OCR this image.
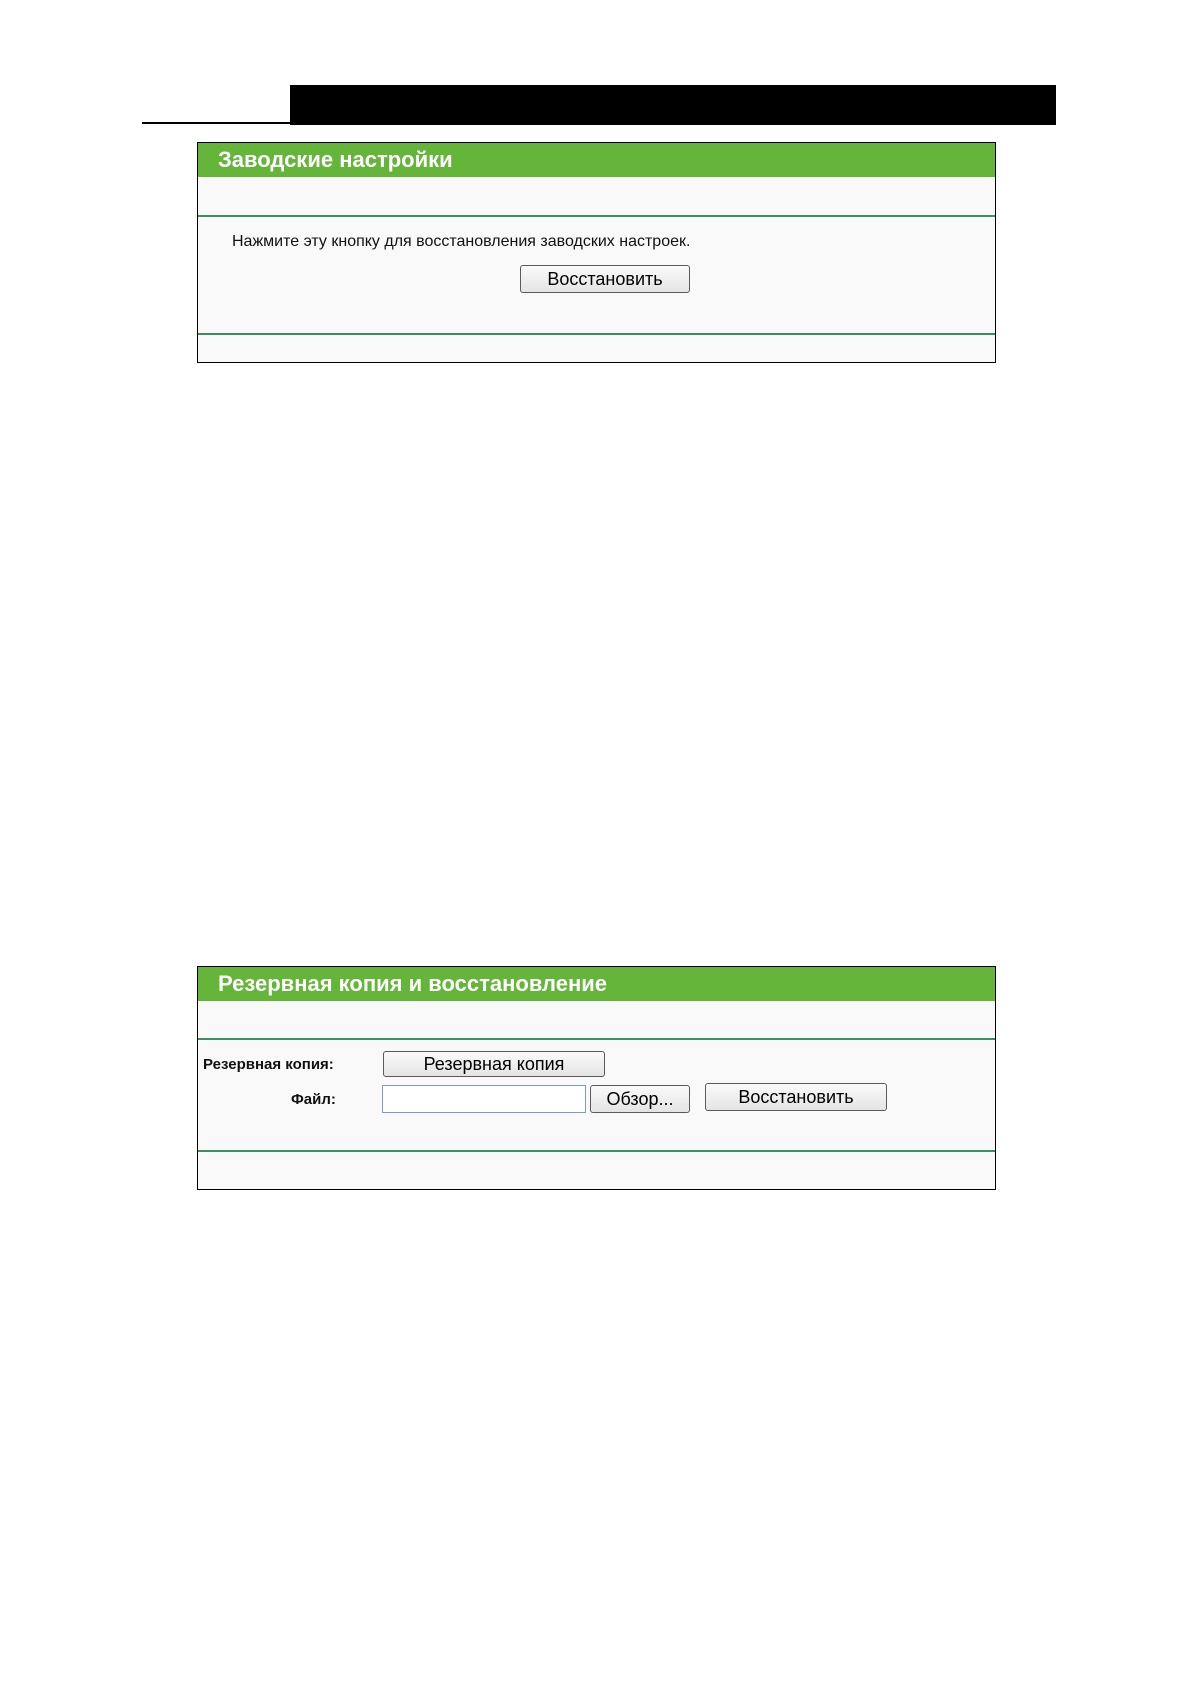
Заводские настройки
Нажмите эту кнопку для восстановления заводских настроек.
Восстановить
Резервная копия и восстановление
Резервная копия:	Резервная копия
Файл:	Обзор...	Восстановить
